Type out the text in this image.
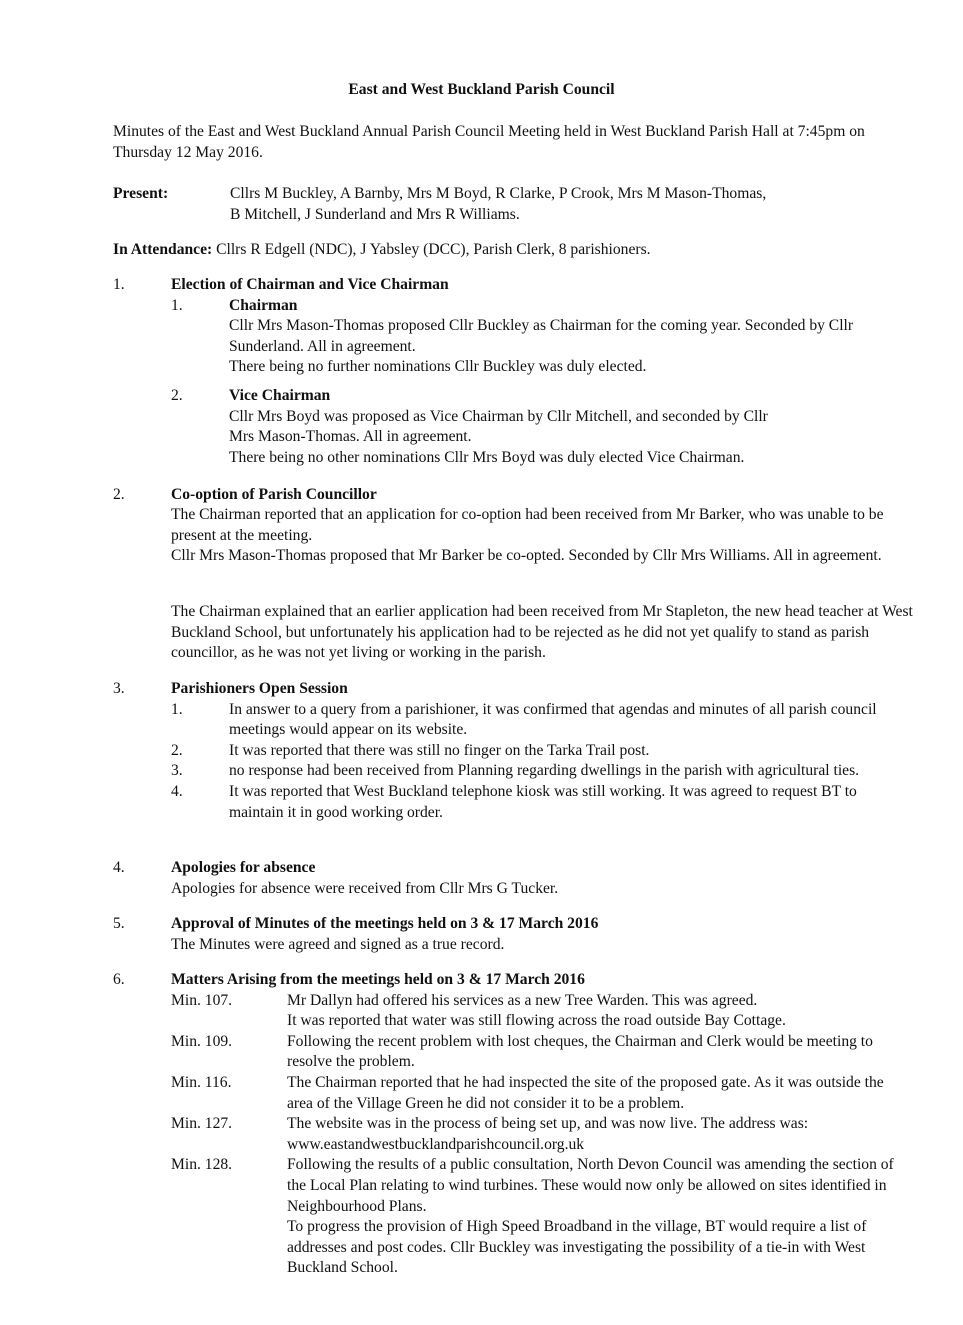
East and West Buckland Parish Council

Minutes of the East and West Buckland Annual Parish Council Meeting held in West Buckland Parish Hall at 7:45pm on Thursday 12 May 2016.

Present:	Cllrs M Buckley, A Barnby, Mrs M Boyd, R Clarke, P Crook, Mrs M Mason-Thomas,
B Mitchell, J Sunderland and Mrs R Williams.
In Attendance: Cllrs R Edgell (NDC), J Yabsley (DCC), Parish Clerk, 8 parishioners.
1.	Election of Chairman and Vice Chairman
1.	Chairman

Cllr Mrs Mason-Thomas proposed Cllr Buckley as Chairman for the coming year. Seconded by Cllr Sunderland. All in agreement.

There being no further nominations Cllr Buckley was duly elected.

2.	Vice Chairman
Cllr Mrs Boyd was proposed as Vice Chairman by Cllr Mitchell, and seconded by Cllr
Mrs Mason-Thomas. All in agreement.

There being no other nominations Cllr Mrs Boyd was duly elected Vice Chairman.

2.	Co-option of Parish Councillor

The Chairman reported that an application for co-option had been received from Mr Barker, who was unable to be present at the meeting.

Cllr Mrs Mason-Thomas proposed that Mr Barker be co-opted. Seconded by Cllr Mrs Williams. All in agreement.

The Chairman explained that an earlier application had been received from Mr Stapleton, the new head teacher at West Buckland School, but unfortunately his application had to be rejected as he did not yet qualify to stand as parish councillor, as he was not yet living or working in the parish.

3.	Parishioners Open Session
1.	In answer to a query from a parishioner, it was confirmed that agendas and minutes of all parish council meetings would appear on its website.
2.	It was reported that there was still no finger on the Tarka Trail post.
3.	no response had been received from Planning regarding dwellings in the parish with agricultural ties.
4.	It was reported that West Buckland telephone kiosk was still working. It was agreed to request BT to maintain it in good working order.
4.	Apologies for absence

Apologies for absence were received from Cllr Mrs G Tucker.

5.	Approval of Minutes of the meetings held on 3 & 17 March 2016

The Minutes were agreed and signed as a true record.

6.	Matters Arising from the meetings held on 3 & 17 March 2016
Min. 107.	Mr Dallyn had offered his services as a new Tree Warden. This was agreed.
It was reported that water was still flowing across the road outside Bay Cottage.
Min. 109.	Following the recent problem with lost cheques, the Chairman and Clerk would be meeting to resolve the problem.
Min. 116.	The Chairman reported that he had inspected the site of the proposed gate. As it was outside the area of the Village Green he did not consider it to be a problem.
Min. 127.	The website was in the process of being set up, and was now live. The address was: www.eastandwestbucklandparishcouncil.org.uk
Min. 128.	Following the results of a public consultation, North Devon Council was amending the section of the Local Plan relating to wind turbines. These would now only be allowed on sites identified in Neighbourhood Plans.
To progress the provision of High Speed Broadband in the village, BT would require a list of addresses and post codes. Cllr Buckley was investigating the possibility of a tie-in with West Buckland School.
